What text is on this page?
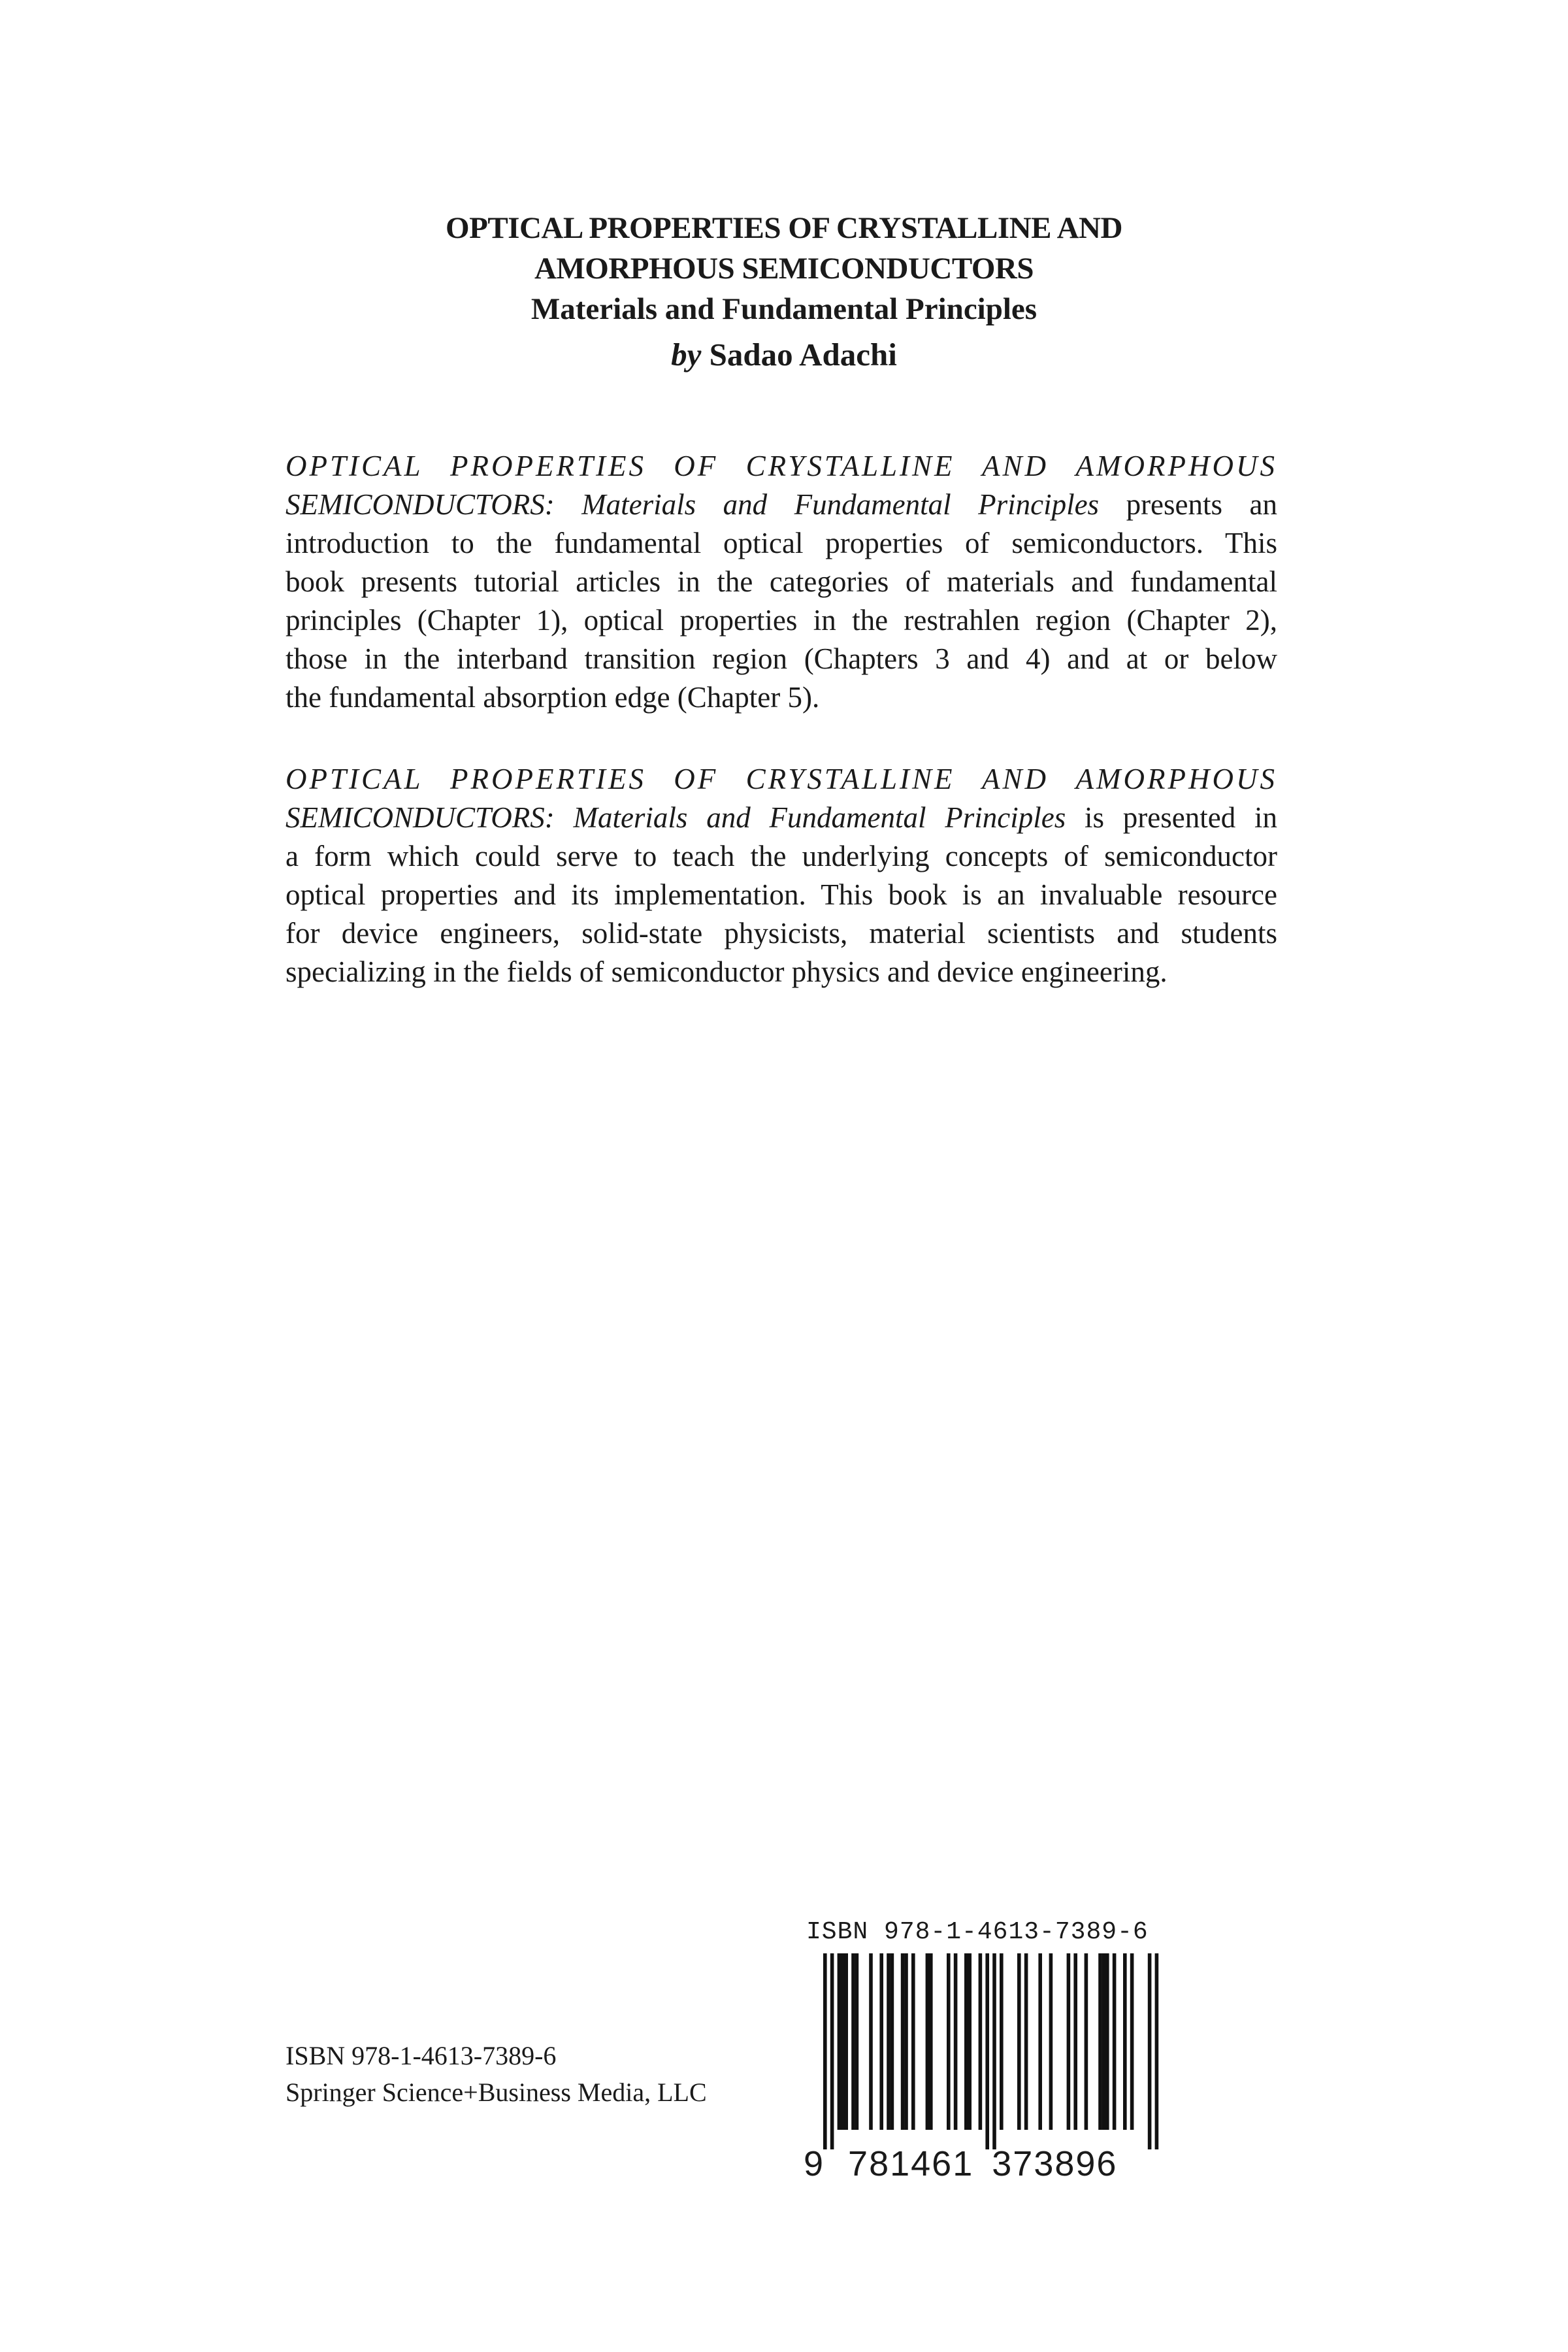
OPTICAL PROPERTIES OF CRYSTALLINE AND
AMORPHOUS SEMICONDUCTORS
Materials and Fundamental Principles
by Sadao Adachi
OPTICAL PROPERTIES OF CRYSTALLINE AND AMORPHOUS
SEMICONDUCTORS: Materials and Fundamental Principles presents an
introduction to the fundamental optical properties of semiconductors. This
book presents tutorial articles in the categories of materials and fundamental
principles (Chapter 1), optical properties in the restrahlen region (Chapter 2),
those in the interband transition region (Chapters 3 and 4) and at or below
the fundamental absorption edge (Chapter 5).
OPTICAL PROPERTIES OF CRYSTALLINE AND AMORPHOUS
SEMICONDUCTORS: Materials and Fundamental Principles is presented in
a form which could serve to teach the underlying concepts of semiconductor
optical properties and its implementation. This book is an invaluable resource
for device engineers, solid-state physicists, material scientists and students
specializing in the fields of semiconductor physics and device engineering.
ISBN 978-1-4613-7389-6
Springer Science+Business Media, LLC
ISBN 978-1-4613-7389-6
9 781461 373896
